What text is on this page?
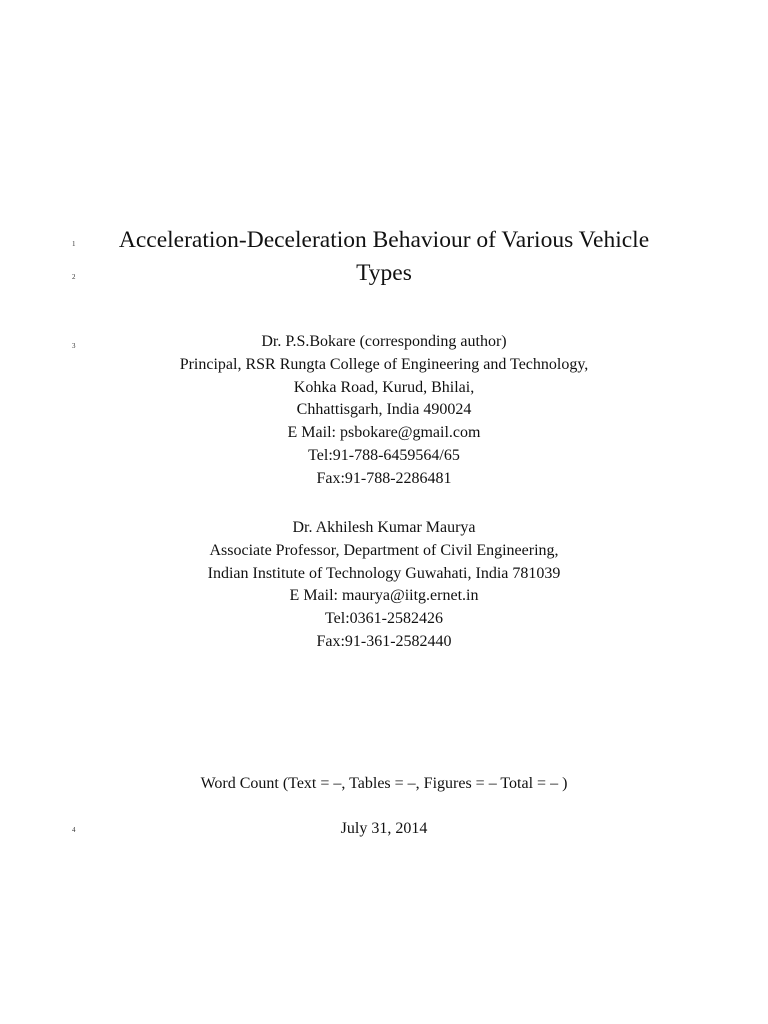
1
2
3
4
Acceleration-Deceleration Behaviour of Various Vehicle
Types
Dr. P.S.Bokare (corresponding author)
Principal, RSR Rungta College of Engineering and Technology,
Kohka Road, Kurud, Bhilai,
Chhattisgarh, India 490024
E Mail: psbokare@gmail.com
Tel:91-788-6459564/65
Fax:91-788-2286481
Dr. Akhilesh Kumar Maurya
Associate Professor, Department of Civil Engineering,
Indian Institute of Technology Guwahati, India 781039
E Mail: maurya@iitg.ernet.in
Tel:0361-2582426
Fax:91-361-2582440
Word Count (Text = –, Tables = –, Figures = – Total = – )
July 31, 2014
